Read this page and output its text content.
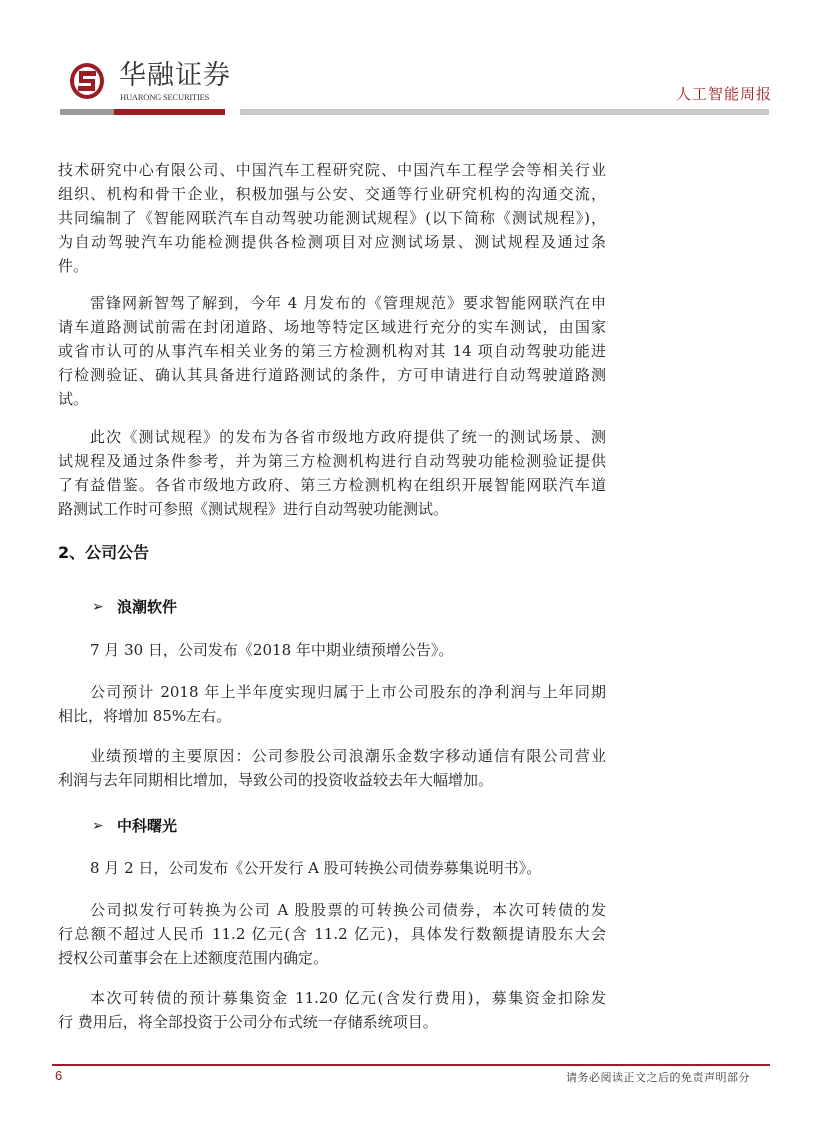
华融证券
HUARONG SECURITIES	人工智能周报
技术研究中心有限公司、中国汽车工程研究院、中国汽车工程学会等相关行业
组织、机构和骨干企业，积极加强与公安、交通等行业研究机构的沟通交流，
共同编制了《智能网联汽车自动驾驶功能测试规程》(以下简称《测试规程》)，
为自动驾驶汽车功能检测提供各检测项目对应测试场景、测试规程及通过条
件。
雷锋网新智驾了解到，今年 4 月发布的《管理规范》要求智能网联汽在申
请车道路测试前需在封闭道路、场地等特定区域进行充分的实车测试，由国家
或省市认可的从事汽车相关业务的第三方检测机构对其 14 项自动驾驶功能进
行检测验证、确认其具备进行道路测试的条件，方可申请进行自动驾驶道路测
试。
此次《测试规程》的发布为各省市级地方政府提供了统一的测试场景、测
试规程及通过条件参考，并为第三方检测机构进行自动驾驶功能检测验证提供
了有益借鉴。各省市级地方政府、第三方检测机构在组织开展智能网联汽车道
路测试工作时可参照《测试规程》进行自动驾驶功能测试。
2、公司公告
➢ 浪潮软件
7 月 30 日，公司发布《2018 年中期业绩预增公告》。
公司预计 2018 年上半年度实现归属于上市公司股东的净利润与上年同期
相比，将增加 85%左右。
业绩预增的主要原因：公司参股公司浪潮乐金数字移动通信有限公司营业
利润与去年同期相比增加，导致公司的投资收益较去年大幅增加。
➢ 中科曙光
8 月 2 日，公司发布《公开发行 A 股可转换公司债券募集说明书》。
公司拟发行可转换为公司 A 股股票的可转换公司债券，本次可转债的发
行总额不超过人民币 11.2 亿元(含 11.2 亿元)，具体发行数额提请股东大会
授权公司董事会在上述额度范围内确定。
本次可转债的预计募集资金 11.20 亿元(含发行费用)，募集资金扣除发
行 费用后，将全部投资于公司分布式统一存储系统项目。
6	请务必阅读正文之后的免责声明部分
